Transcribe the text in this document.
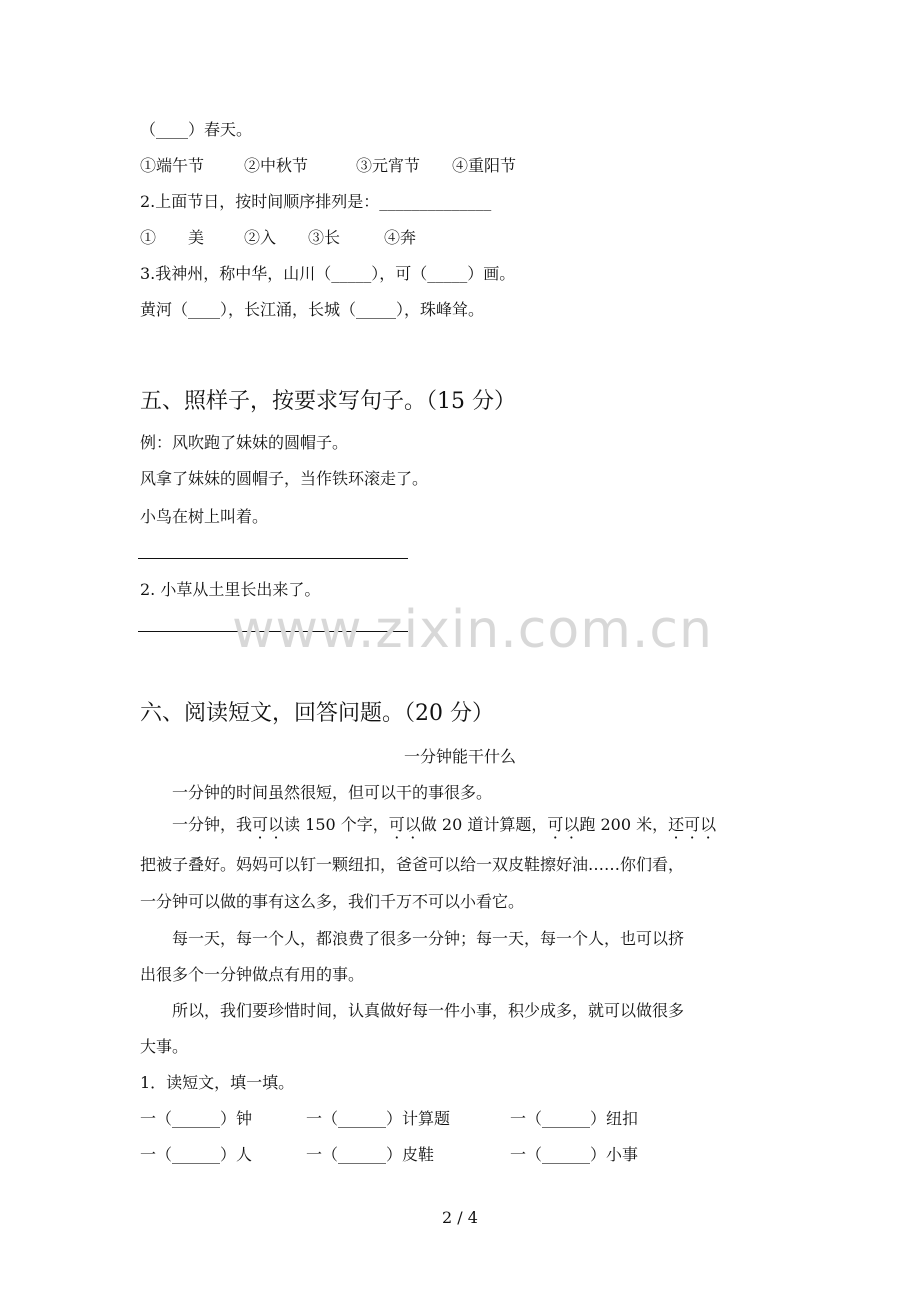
（____）春天。
①端午节 ②中秋节	③元宵节 ④重阳节
2.上面节日，按时间顺序排列是：______________
①　　美 ②入 ③长	④奔
3.我神州，称中华，山川（_____），可（_____）画。
黄河（____），长江涌，长城（_____），珠峰耸。
五、照样子，按要求写句子。（15 分）
例：风吹跑了妹妹的圆帽子。
风拿了妹妹的圆帽子，当作铁环滚走了。
小鸟在树上叫着。
2. 小草从土里长出来了。
www.zixin.com.cn
六、阅读短文，回答问题。（20 分）
一分钟能干什么
一分钟的时间虽然很短，但可以干的事很多。
一分钟，我可以读 150 个字，可以做 20 道计算题，可以跑 200 米，还可以
把被子叠好。妈妈可以钉一颗纽扣，爸爸可以给一双皮鞋擦好油……你们看，
一分钟可以做的事有这么多，我们千万不可以小看它。
每一天，每一个人，都浪费了很多一分钟；每一天，每一个人，也可以挤
出很多个一分钟做点有用的事。
所以，我们要珍惜时间，认真做好每一件小事，积少成多，就可以做很多
大事。
1．读短文，填一填。
一（______）钟	一（______）计算题	一（______）纽扣
一（______）人	一（______）皮鞋	一（______）小事
2 / 4
